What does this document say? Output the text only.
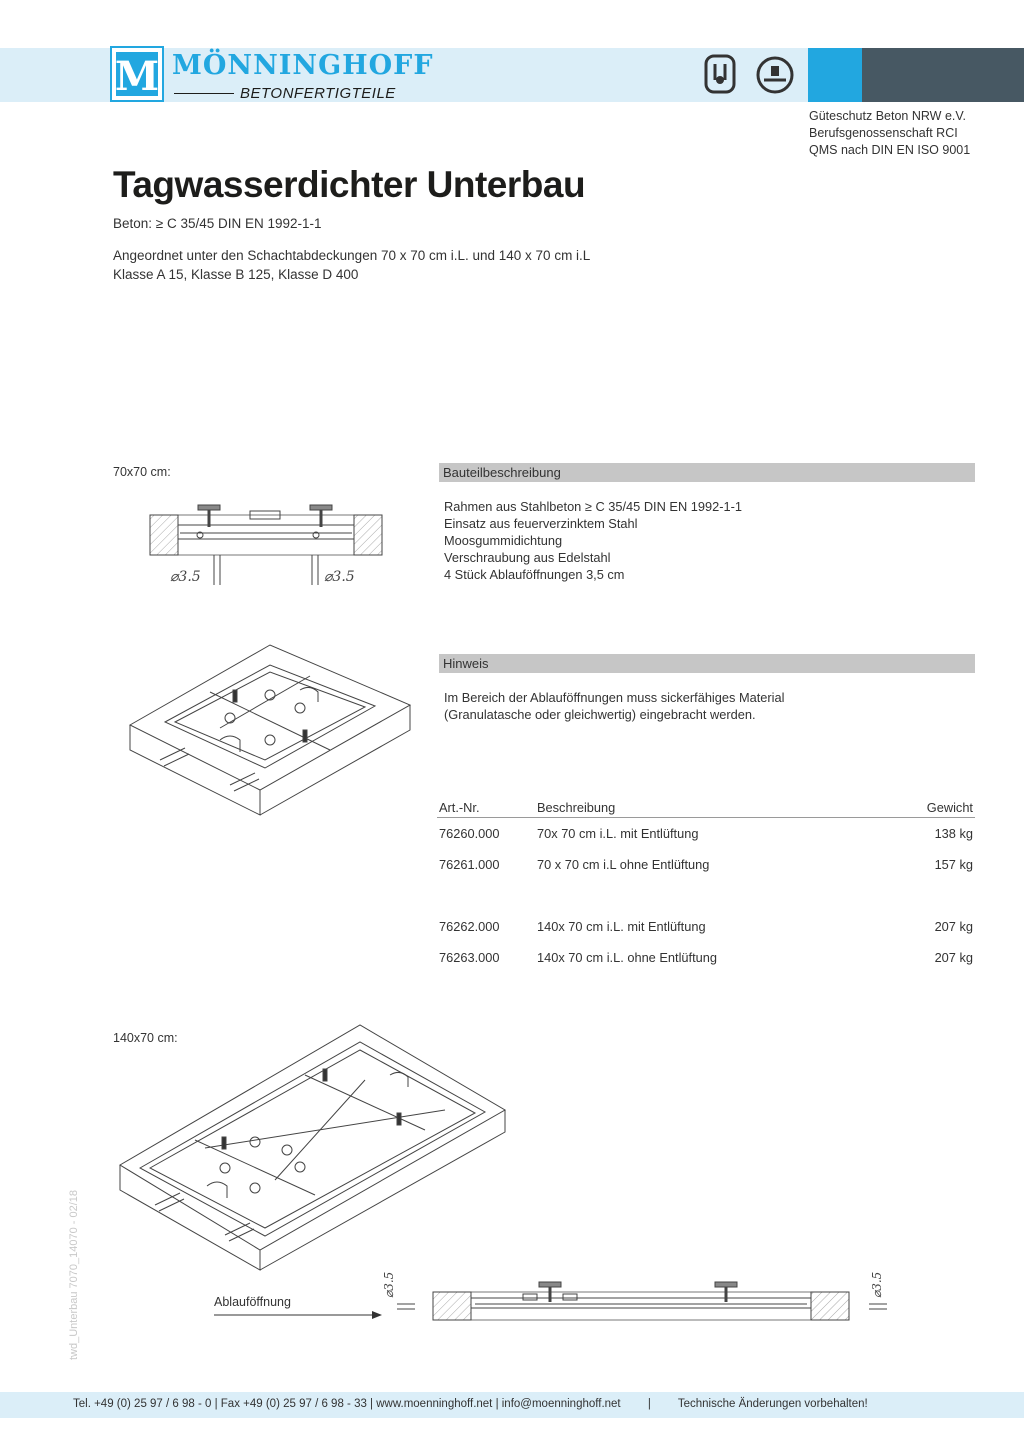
M MÖNNINGHOFF
BETONFERTIGTEILE
Güteschutz Beton NRW e.V.
Berufsgenossenschaft RCI
QMS nach DIN EN ISO 9001
Tagwasserdichter Unterbau
Beton: ≥ C 35/45 DIN EN 1992-1-1
Angeordnet unter den Schachtabdeckungen 70 x 70 cm i.L. und 140 x 70 cm i.L
Klasse A 15, Klasse B 125, Klasse D 400
70x70 cm:
⌀3.5	⌀3.5
Bauteilbeschreibung
Rahmen aus Stahlbeton ≥ C 35/45 DIN EN 1992-1-1
Einsatz aus feuerverzinktem Stahl
Moosgummidichtung
Verschraubung aus Edelstahl
4 Stück Ablauföffnungen 3,5 cm
Hinweis
Im Bereich der Ablauföffnungen muss sickerfähiges Material
(Granulatasche oder gleichwertig) eingebracht werden.
Art.-Nr.	Beschreibung	Gewicht
76260.000	70x 70 cm i.L. mit Entlüftung	138 kg
76261.000	70 x 70 cm i.L ohne Entlüftung	157 kg

76262.000	140x 70 cm i.L. mit Entlüftung	207 kg
76263.000	140x 70 cm i.L. ohne Entlüftung	207 kg
140x70 cm:
Ablauföffnung
⌀3.5	⌀3.5
twd_Unterbau 7070_14070 - 02/18
Tel. +49 (0) 25 97 / 6 98 - 0 | Fax +49 (0) 25 97 / 6 98 - 33 | www.moenninghoff.net | info@moenninghoff.net | Technische Änderungen vorbehalten!
